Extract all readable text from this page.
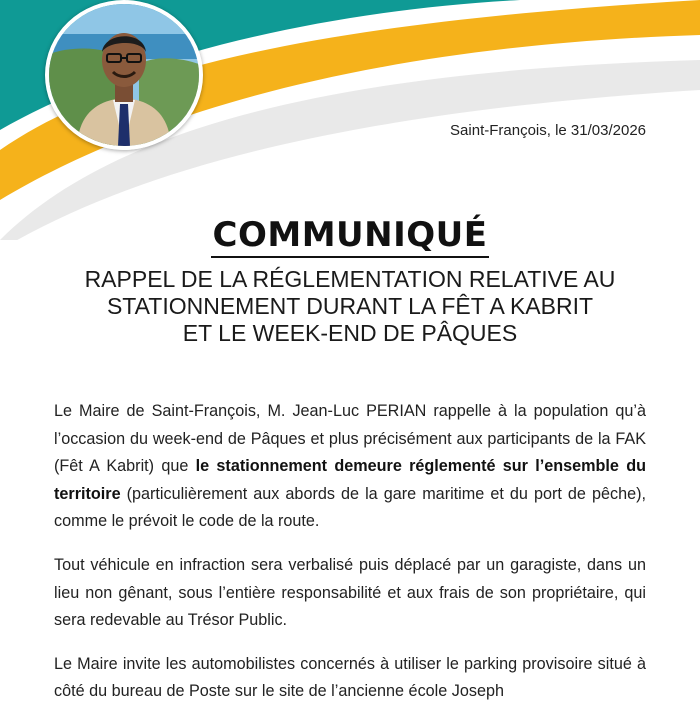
Saint-François, le 31/03/2026
COMMUNIQUÉ
RAPPEL DE LA RÉGLEMENTATION RELATIVE AU
STATIONNEMENT DURANT LA FÊT A KABRIT
ET LE WEEK-END DE PÂQUES

Le Maire de Saint-François, M. Jean-Luc PERIAN rappelle à la population qu’à l’occasion du week-end de Pâques et plus précisément aux participants de la FAK (Fêt A Kabrit) que le stationnement demeure réglementé sur l’ensemble du territoire (particulièrement aux abords de la gare maritime et du port de pêche), comme le prévoit le code de la route.

Tout véhicule en infraction sera verbalisé puis déplacé par un garagiste, dans un lieu non gênant, sous l’entière responsabilité et aux frais de son propriétaire, qui sera redevable au Trésor Public.

Le Maire invite les automobilistes concernés à utiliser le parking provisoire situé à côté du bureau de Poste sur le site de l’ancienne école Joseph
